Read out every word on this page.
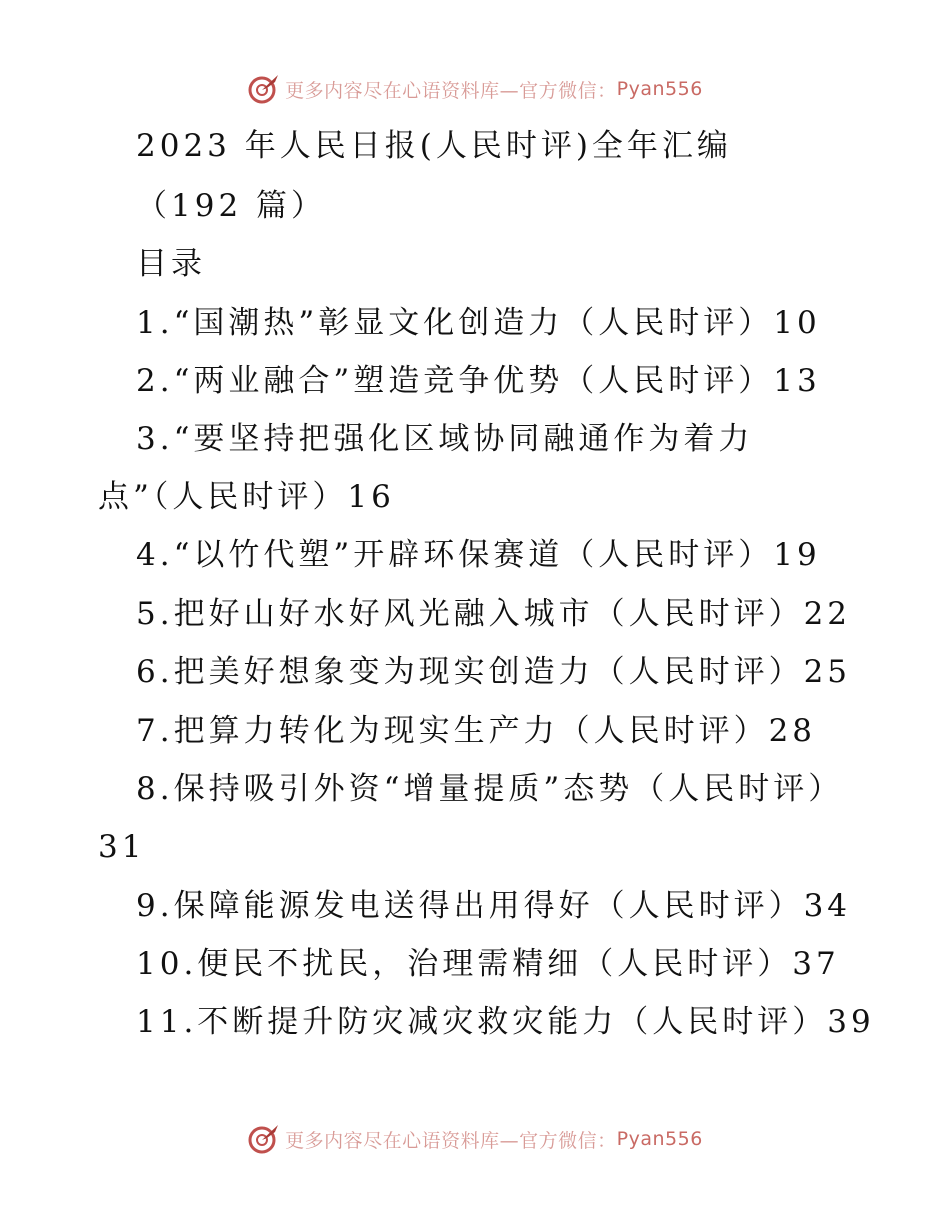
更多内容尽在心语资料库—官方微信： Pyan556
2023 年人民日报(人民时评)全年汇编
（192 篇）
目录
1.“国潮热”彰显文化创造力（人民时评）10
2.“两业融合”塑造竞争优势（人民时评）13
3.“要坚持把强化区域协同融通作为着力
点”（人民时评）16
4.“以竹代塑”开辟环保赛道（人民时评）19
5.把好山好水好风光融入城市（人民时评）22
6.把美好想象变为现实创造力（人民时评）25
7.把算力转化为现实生产力（人民时评）28
8.保持吸引外资“增量提质”态势（人民时评）
31
9.保障能源发电送得出用得好（人民时评）34
10.便民不扰民，治理需精细（人民时评）37
11.不断提升防灾减灾救灾能力（人民时评）39
更多内容尽在心语资料库—官方微信： Pyan556
